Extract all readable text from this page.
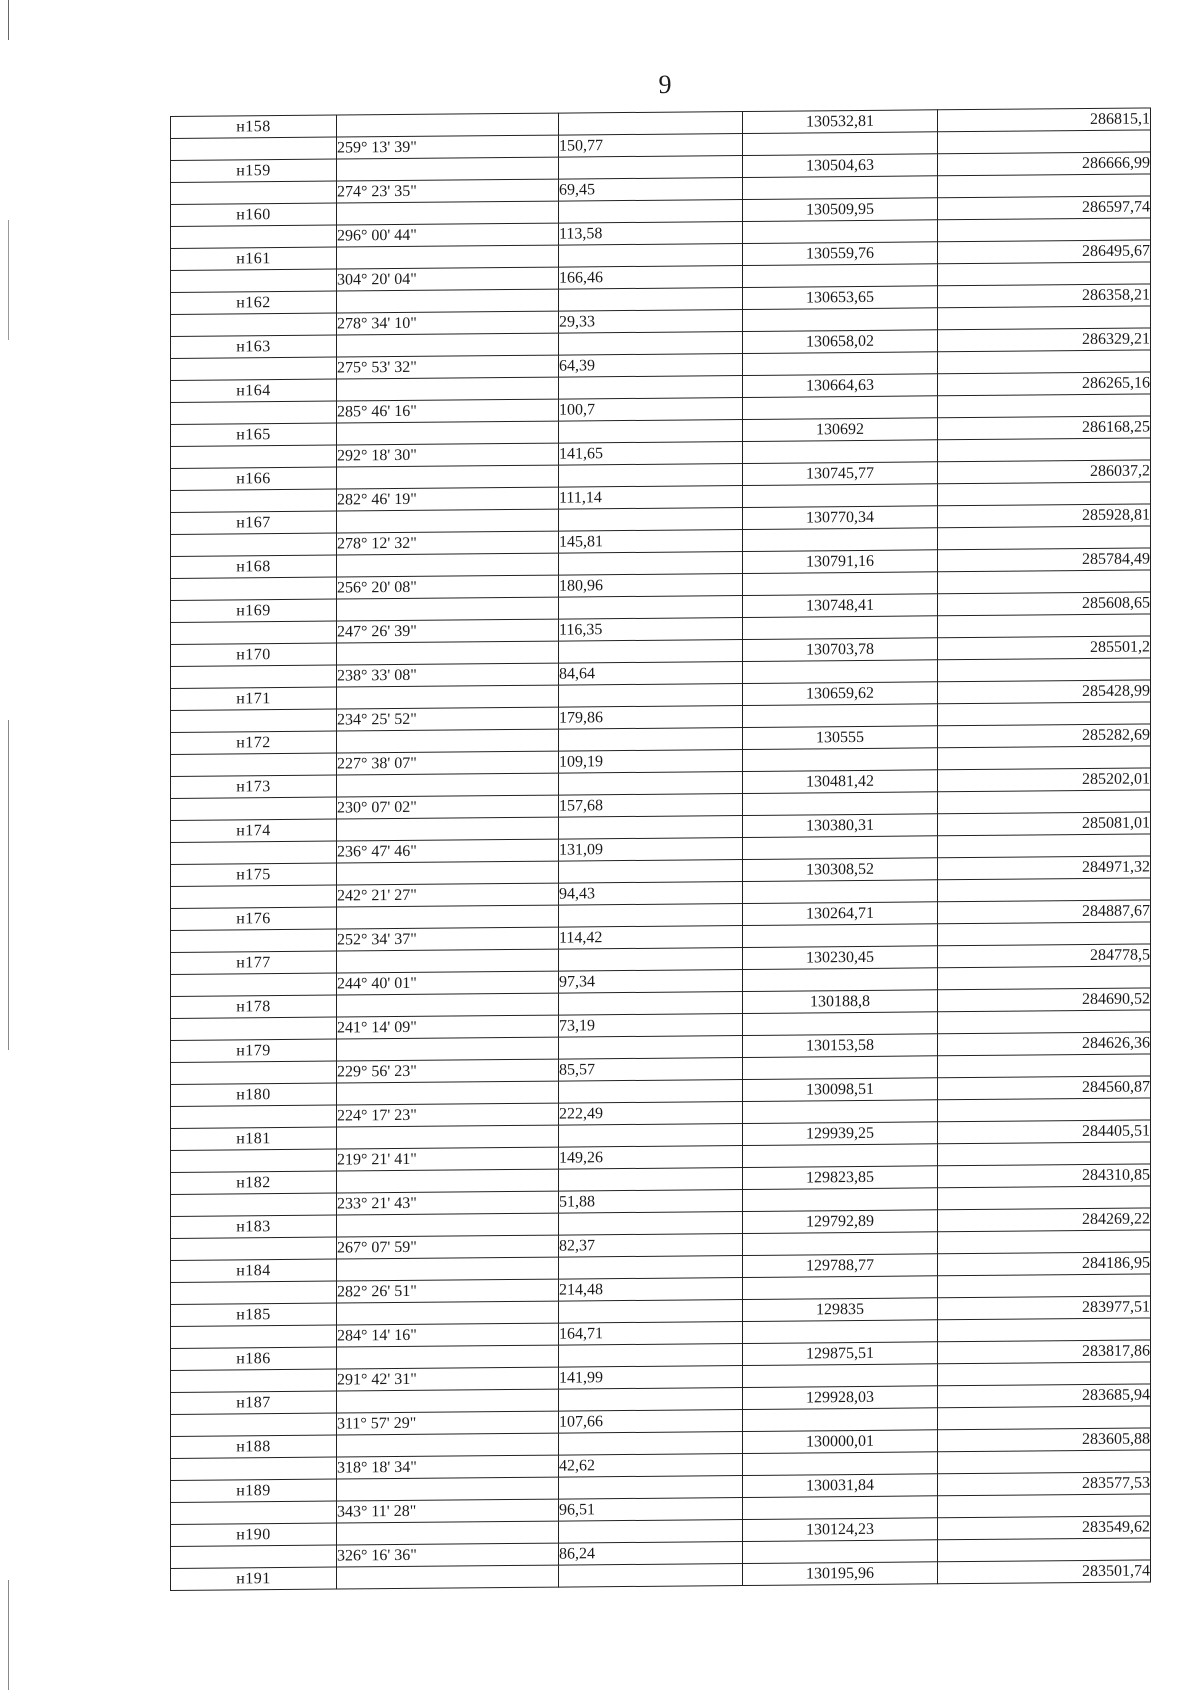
9
н158			130532,81	286815,1
	259° 13' 39"	150,77		
н159			130504,63	286666,99
	274° 23' 35"	69,45		
н160			130509,95	286597,74
	296° 00' 44"	113,58		
н161			130559,76	286495,67
	304° 20' 04"	166,46		
н162			130653,65	286358,21
	278° 34' 10"	29,33		
н163			130658,02	286329,21
	275° 53' 32"	64,39		
н164			130664,63	286265,16
	285° 46' 16"	100,7		
н165			130692	286168,25
	292° 18' 30"	141,65		
н166			130745,77	286037,2
	282° 46' 19"	111,14		
н167			130770,34	285928,81
	278° 12' 32"	145,81		
н168			130791,16	285784,49
	256° 20' 08"	180,96		
н169			130748,41	285608,65
	247° 26' 39"	116,35		
н170			130703,78	285501,2
	238° 33' 08"	84,64		
н171			130659,62	285428,99
	234° 25' 52"	179,86		
н172			130555	285282,69
	227° 38' 07"	109,19		
н173			130481,42	285202,01
	230° 07' 02"	157,68		
н174			130380,31	285081,01
	236° 47' 46"	131,09		
н175			130308,52	284971,32
	242° 21' 27"	94,43		
н176			130264,71	284887,67
	252° 34' 37"	114,42		
н177			130230,45	284778,5
	244° 40' 01"	97,34		
н178			130188,8	284690,52
	241° 14' 09"	73,19		
н179			130153,58	284626,36
	229° 56' 23"	85,57		
н180			130098,51	284560,87
	224° 17' 23"	222,49		
н181			129939,25	284405,51
	219° 21' 41"	149,26		
н182			129823,85	284310,85
	233° 21' 43"	51,88		
н183			129792,89	284269,22
	267° 07' 59"	82,37		
н184			129788,77	284186,95
	282° 26' 51"	214,48		
н185			129835	283977,51
	284° 14' 16"	164,71		
н186			129875,51	283817,86
	291° 42' 31"	141,99		
н187			129928,03	283685,94
	311° 57' 29"	107,66		
н188			130000,01	283605,88
	318° 18' 34"	42,62		
н189			130031,84	283577,53
	343° 11' 28"	96,51		
н190			130124,23	283549,62
	326° 16' 36"	86,24		
н191			130195,96	283501,74
